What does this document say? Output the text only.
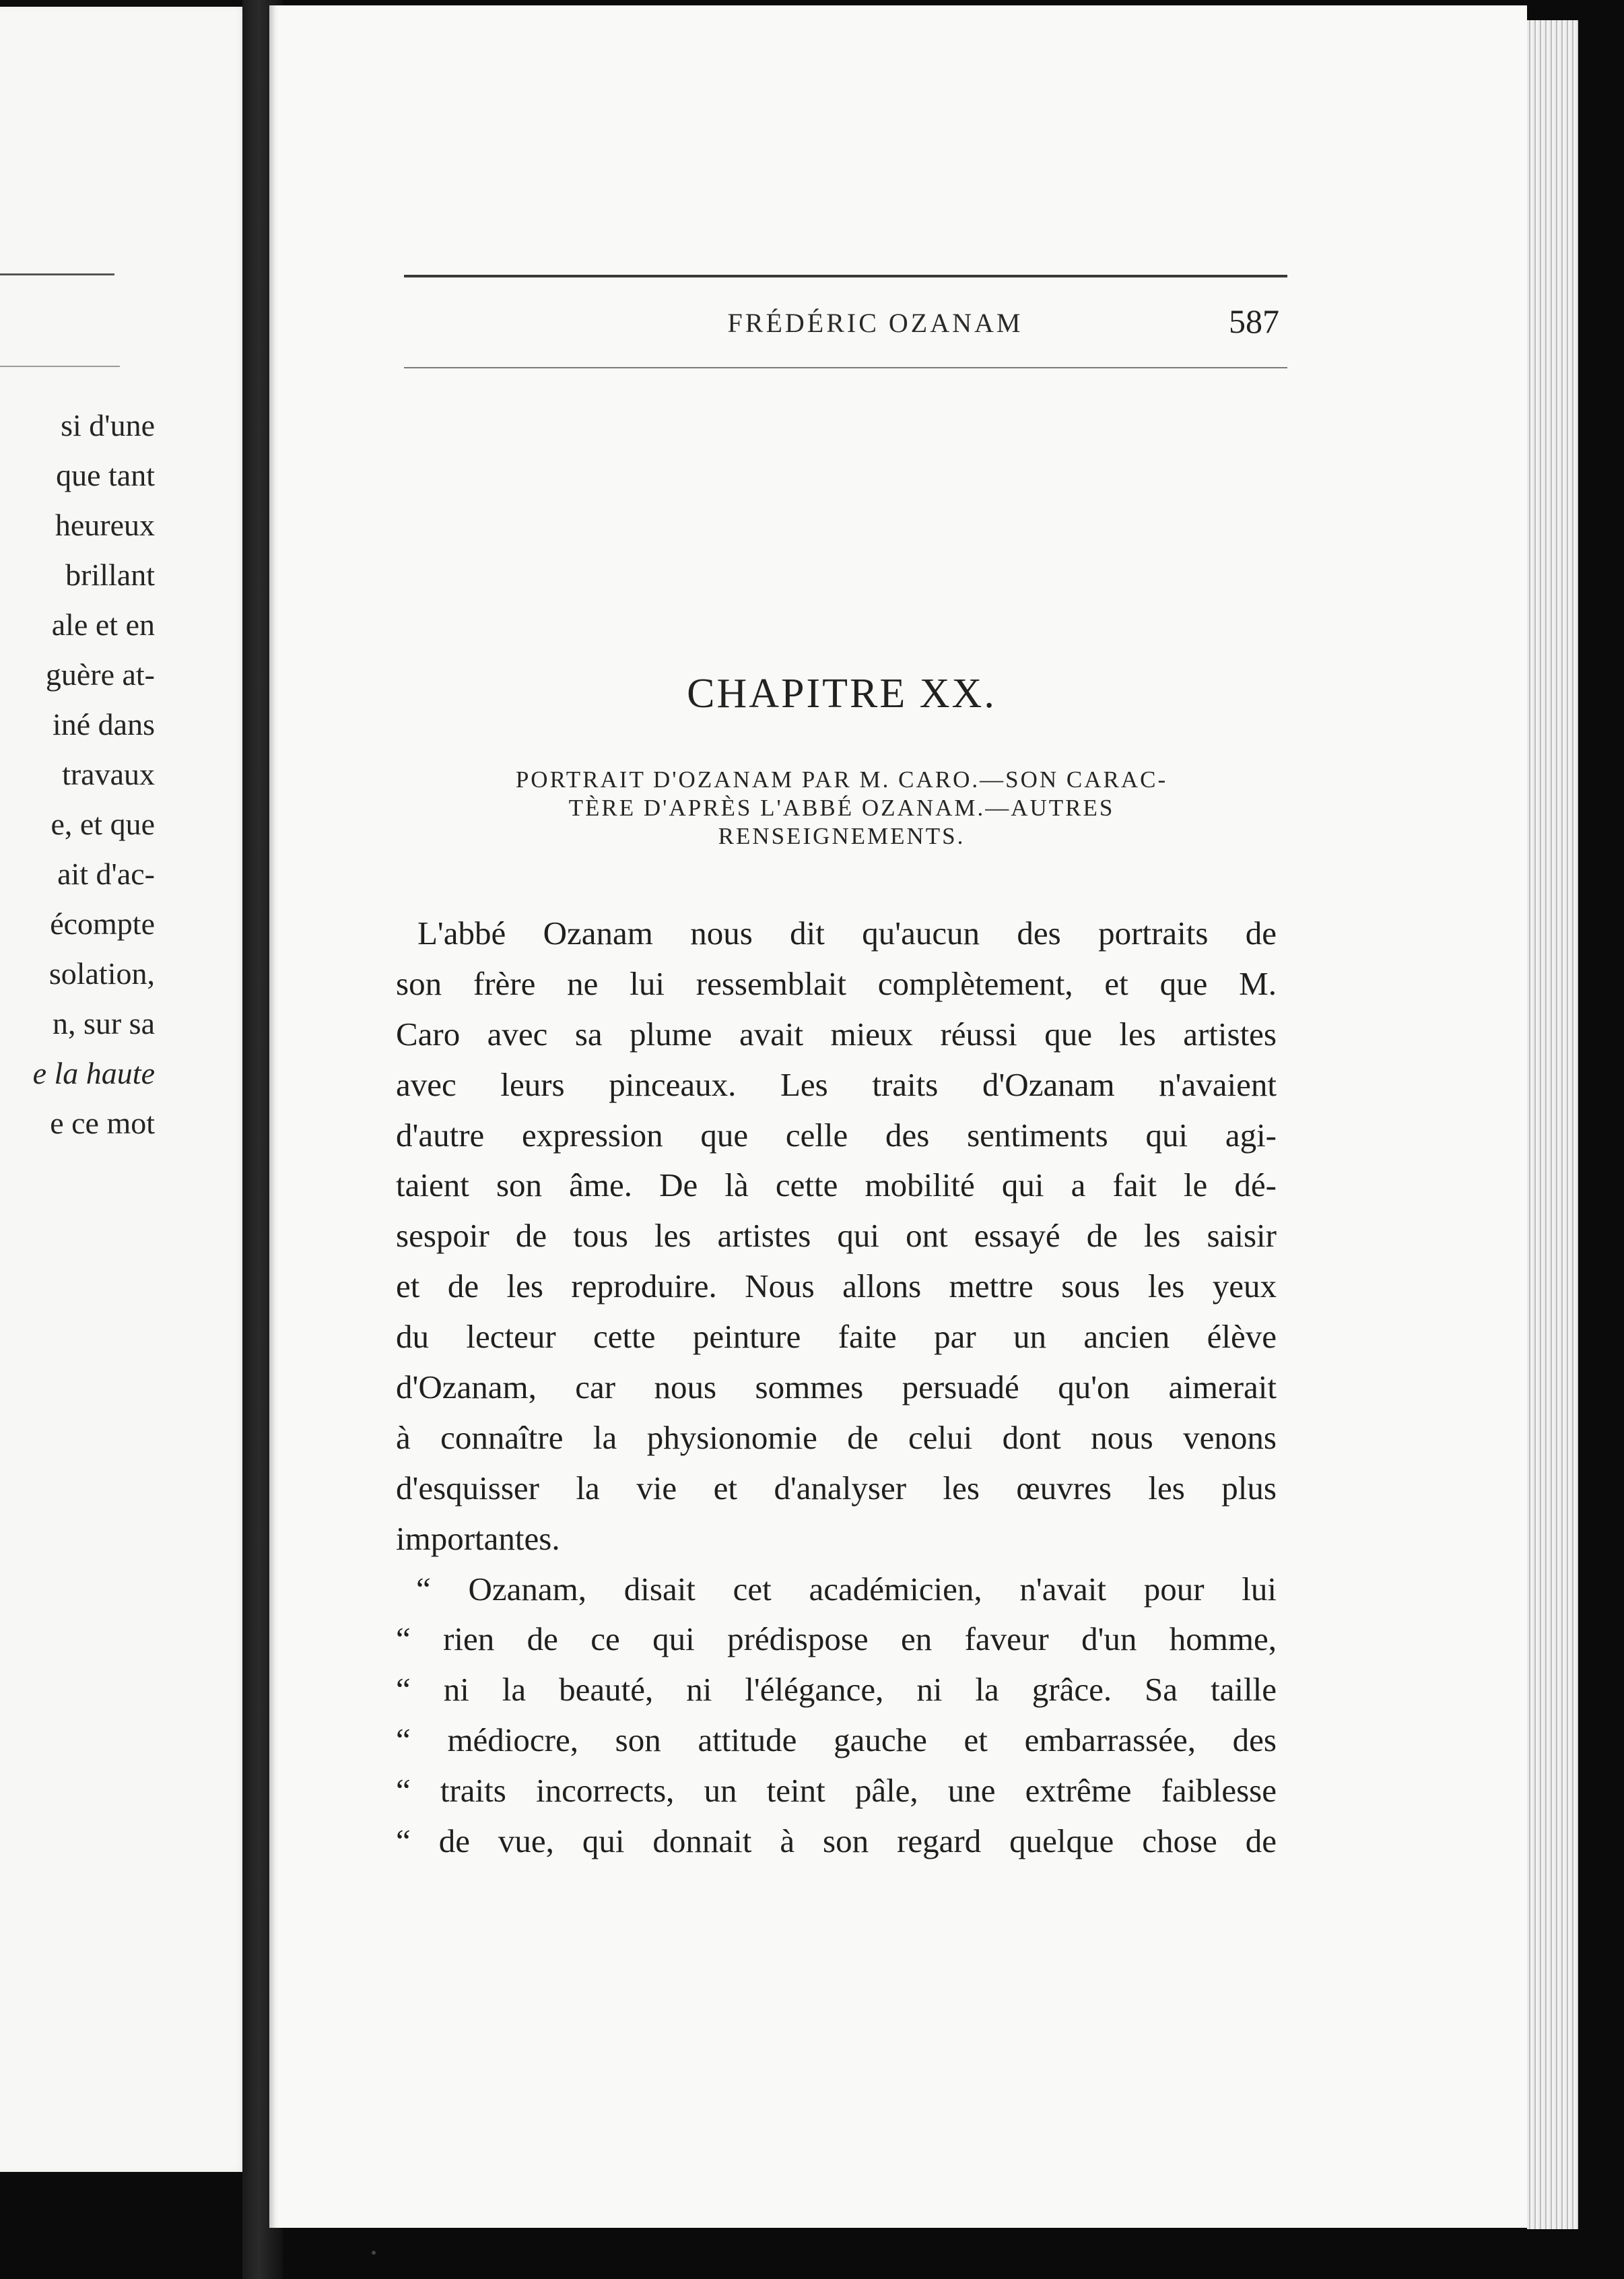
si d'une
que tant
heureux
brillant
ale et en
guère at-
iné dans
travaux
e, et que
ait d'ac-
écompte
solation,
n, sur sa
e la haute
e ce mot
FRÉDÉRIC OZANAM	587
CHAPITRE XX.
PORTRAIT D'OZANAM PAR M. CARO.—SON CARAC-
TÈRE D'APRÈS L'ABBÉ OZANAM.—AUTRES
RENSEIGNEMENTS.
L'abbé Ozanam nous dit qu'aucun des portraits de
son frère ne lui ressemblait complètement, et que M.
Caro avec sa plume avait mieux réussi que les artistes
avec leurs pinceaux. Les traits d'Ozanam n'avaient
d'autre expression que celle des sentiments qui agi-
taient son âme. De là cette mobilité qui a fait le dé-
sespoir de tous les artistes qui ont essayé de les saisir
et de les reproduire. Nous allons mettre sous les yeux
du lecteur cette peinture faite par un ancien élève
d'Ozanam, car nous sommes persuadé qu'on aimerait
à connaître la physionomie de celui dont nous venons
d'esquisser la vie et d'analyser les œuvres les plus
importantes.
“ Ozanam, disait cet académicien, n'avait pour lui
“ rien de ce qui prédispose en faveur d'un homme,
“ ni la beauté, ni l'élégance, ni la grâce. Sa taille
“ médiocre, son attitude gauche et embarrassée, des
“ traits incorrects, un teint pâle, une extrême faiblesse
“ de vue, qui donnait à son regard quelque chose de
